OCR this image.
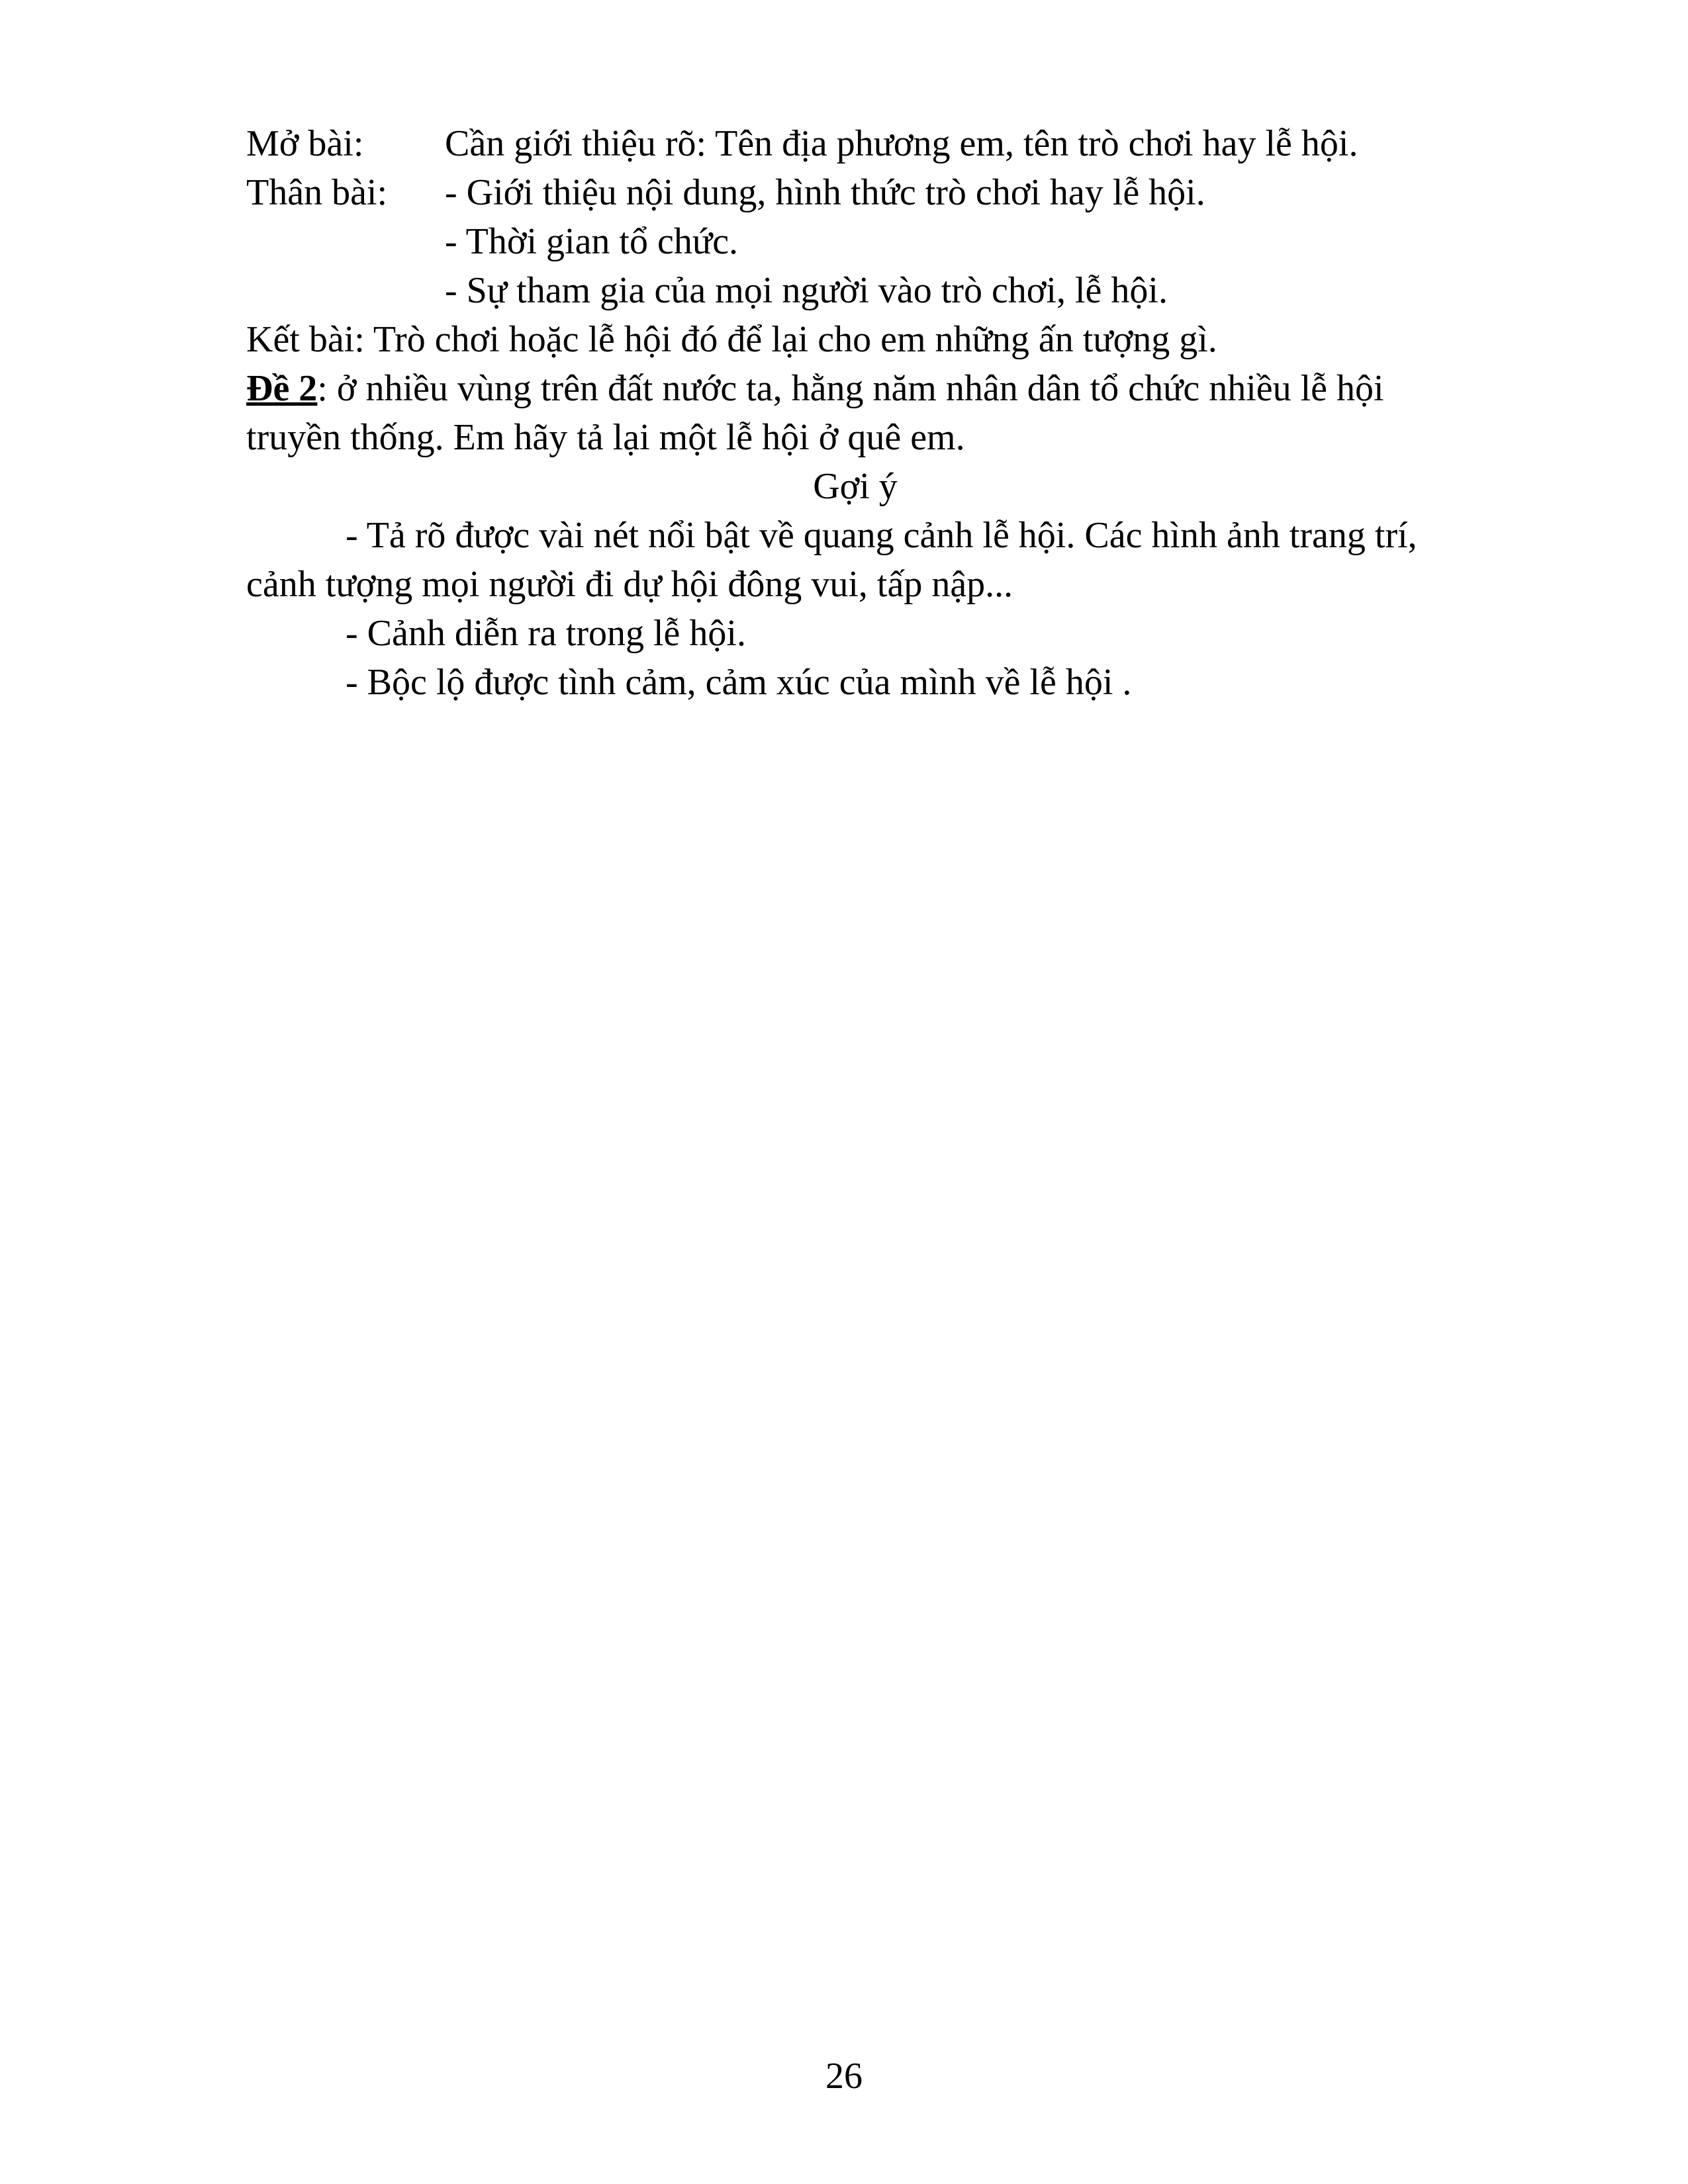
Mở bài:	Cần giới thiệu rõ: Tên địa phương em, tên trò chơi hay lễ hội.
Thân bài:	- Giới thiệu nội dung, hình thức trò chơi hay lễ hội.
- Thời gian tổ chức.
- Sự tham gia của mọi người vào trò chơi, lễ hội.
Kết bài: Trò chơi hoặc lễ hội đó để lại cho em những ấn tượng gì.
Đề 2: ở nhiều vùng trên đất nước ta, hằng năm nhân dân tổ chức nhiều lễ hội
truyền thống. Em hãy tả lại một lễ hội ở quê em.
Gợi ý
- Tả rõ được vài nét nổi bật về quang cảnh lễ hội. Các hình ảnh trang trí,
cảnh tượng mọi người đi dự hội đông vui, tấp nập...
- Cảnh diễn ra trong lễ hội.
- Bộc lộ được tình cảm, cảm xúc của mình về lễ hội .
26
